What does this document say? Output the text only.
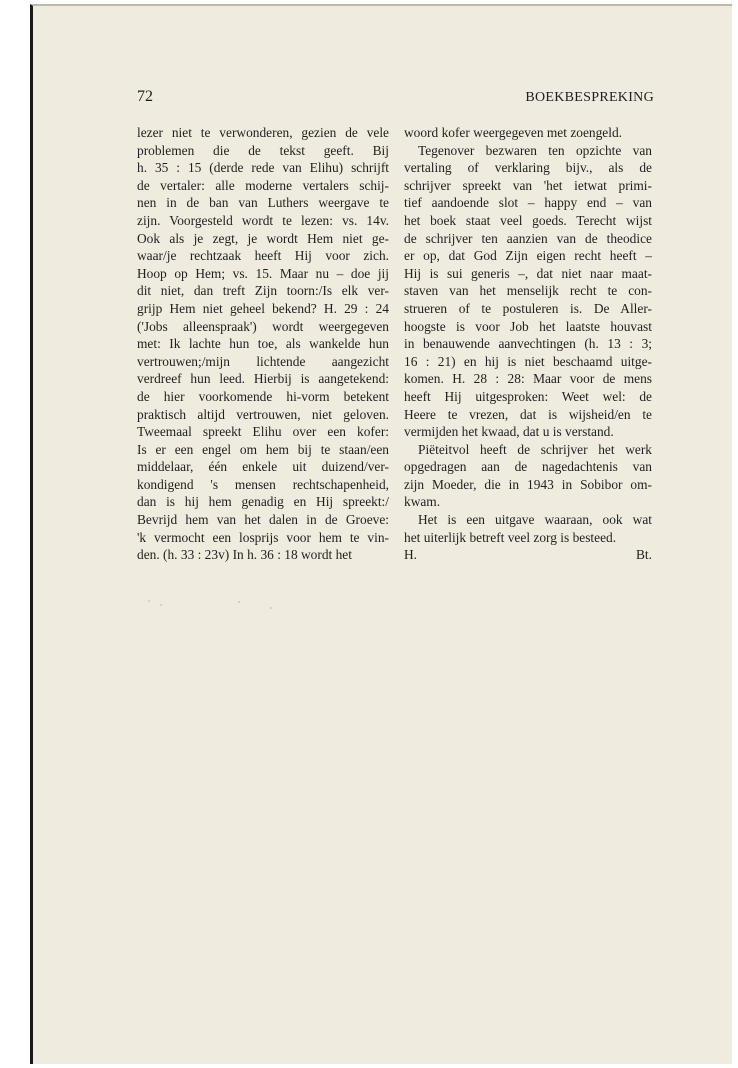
72	BOEKBESPREKING
lezer niet te verwonderen, gezien de vele
problemen die de tekst geeft. Bij
h. 35 : 15 (derde rede van Elihu) schrijft
de vertaler: alle moderne vertalers schij-
nen in de ban van Luthers weergave te
zijn. Voorgesteld wordt te lezen: vs. 14v.
Ook als je zegt, je wordt Hem niet ge-
waar/je rechtzaak heeft Hij voor zich.
Hoop op Hem; vs. 15. Maar nu – doe jij
dit niet, dan treft Zijn toorn:/Is elk ver-
grijp Hem niet geheel bekend? H. 29 : 24
('Jobs alleenspraak') wordt weergegeven
met: Ik lachte hun toe, als wankelde hun
vertrouwen;/mijn lichtende aangezicht
verdreef hun leed. Hierbij is aangetekend:
de hier voorkomende hi-vorm betekent
praktisch altijd vertrouwen, niet geloven.
Tweemaal spreekt Elihu over een kofer:
Is er een engel om hem bij te staan/een
middelaar, één enkele uit duizend/ver-
kondigend 's mensen rechtschapenheid,
dan is hij hem genadig en Hij spreekt:/
Bevrijd hem van het dalen in de Groeve:
'k vermocht een losprijs voor hem te vin-
den. (h. 33 : 23v) In h. 36 : 18 wordt het
woord kofer weergegeven met zoengeld.
Tegenover bezwaren ten opzichte van
vertaling of verklaring bijv., als de
schrijver spreekt van 'het ietwat primi-
tief aandoende slot – happy end – van
het boek staat veel goeds. Terecht wijst
de schrijver ten aanzien van de theodice
er op, dat God Zijn eigen recht heeft –
Hij is sui generis –, dat niet naar maat-
staven van het menselijk recht te con-
strueren of te postuleren is. De Aller-
hoogste is voor Job het laatste houvast
in benauwende aanvechtingen (h. 13 : 3;
16 : 21) en hij is niet beschaamd uitge-
komen. H. 28 : 28: Maar voor de mens
heeft Hij uitgesproken: Weet wel: de
Heere te vrezen, dat is wijsheid/en te
vermijden het kwaad, dat u is verstand.
Piëteitvol heeft de schrijver het werk
opgedragen aan de nagedachtenis van
zijn Moeder, die in 1943 in Sobibor om-
kwam.
Het is een uitgave waaraan, ook wat
het uiterlijk betreft veel zorg is besteed.
H.	Bt.
